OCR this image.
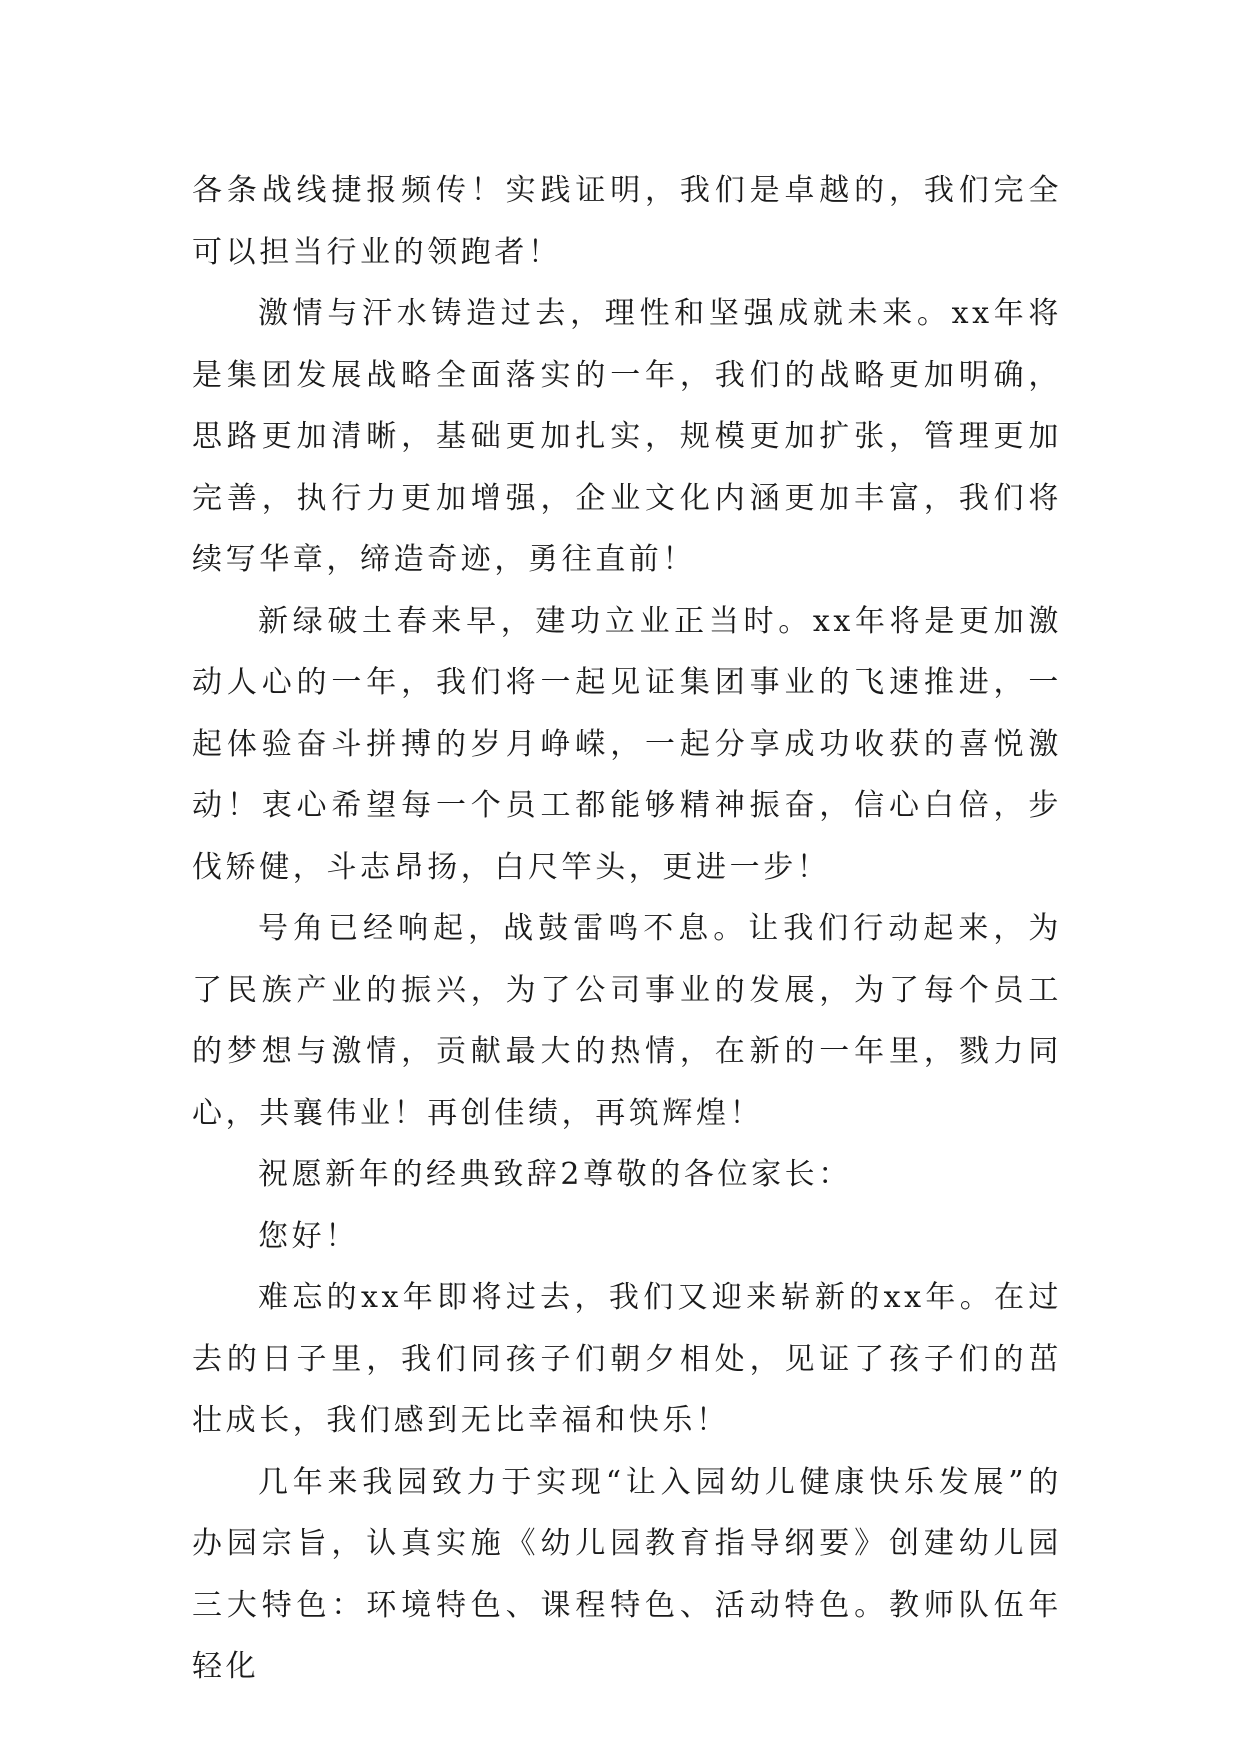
各条战线捷报频传！实践证明，我们是卓越的，我们完全可以担当行业的领跑者！

激情与汗水铸造过去，理性和坚强成就未来。xx年将是集团发展战略全面落实的一年，我们的战略更加明确，思路更加清晰，基础更加扎实，规模更加扩张，管理更加完善，执行力更加增强，企业文化内涵更加丰富，我们将续写华章，缔造奇迹，勇往直前！

新绿破土春来早，建功立业正当时。xx年将是更加激动人心的一年，我们将一起见证集团事业的飞速推进，一起体验奋斗拼搏的岁月峥嵘，一起分享成功收获的喜悦激动！衷心希望每一个员工都能够精神振奋，信心白倍，步伐矫健，斗志昂扬，白尺竿头，更进一步！

号角已经响起，战鼓雷鸣不息。让我们行动起来，为了民族产业的振兴，为了公司事业的发展，为了每个员工的梦想与激情，贡献最大的热情，在新的一年里，戮力同心，共襄伟业！再创佳绩，再筑辉煌！

祝愿新年的经典致辞2尊敬的各位家长：

您好！

难忘的xx年即将过去，我们又迎来崭新的xx年。在过去的日子里，我们同孩子们朝夕相处，见证了孩子们的茁壮成长，我们感到无比幸福和快乐！

几年来我园致力于实现“让入园幼儿健康快乐发展”的办园宗旨，认真实施《幼儿园教育指导纲要》创建幼儿园三大特色：环境特色、课程特色、活动特色。教师队伍年轻化
